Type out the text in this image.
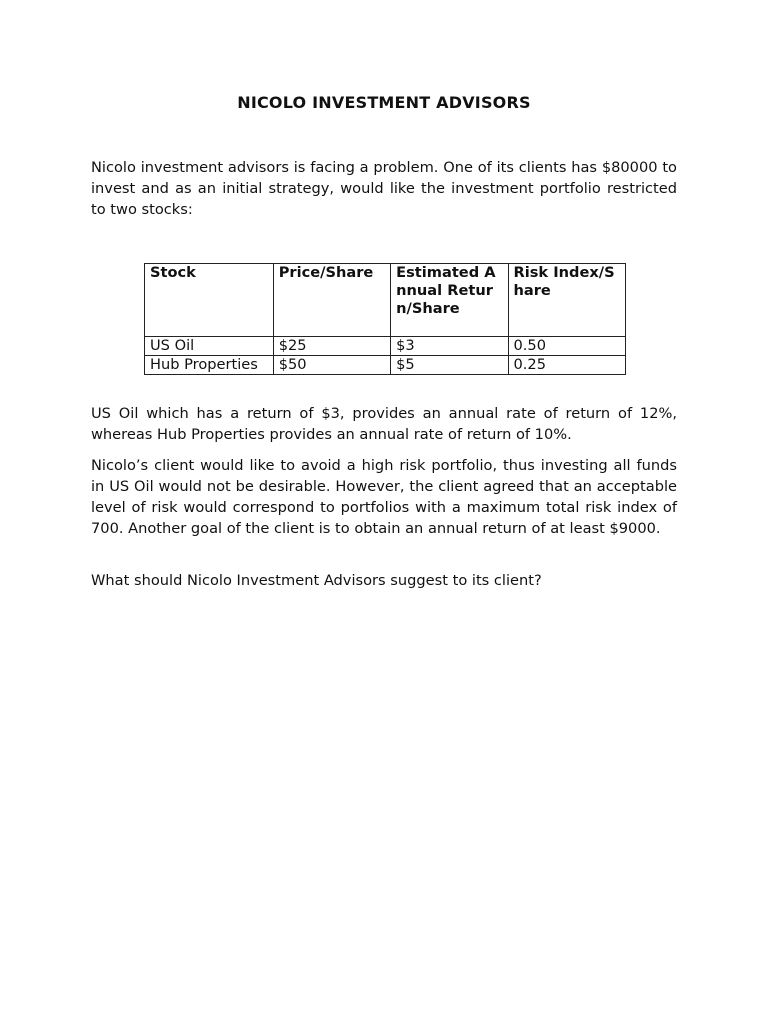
NICOLO INVESTMENT ADVISORS

Nicolo investment advisors is facing a problem. One of its clients has $80000 to invest and as an initial strategy, would like the investment portfolio restricted to two stocks:

Stock	Price/Share	Estimated Annual Return/Share	Risk Index/Share
US Oil	$25	$3	0.50
Hub Properties	$50	$5	0.25

US Oil which has a return of $3, provides an annual rate of return of 12%, whereas Hub Properties provides an annual rate of return of 10%.

Nicolo’s client would like to avoid a high risk portfolio, thus investing all funds in US Oil would not be desirable. However, the client agreed that an acceptable level of risk would correspond to portfolios with a maximum total risk index of 700. Another goal of the client is to obtain an annual return of at least $9000.

What should Nicolo Investment Advisors suggest to its client?
